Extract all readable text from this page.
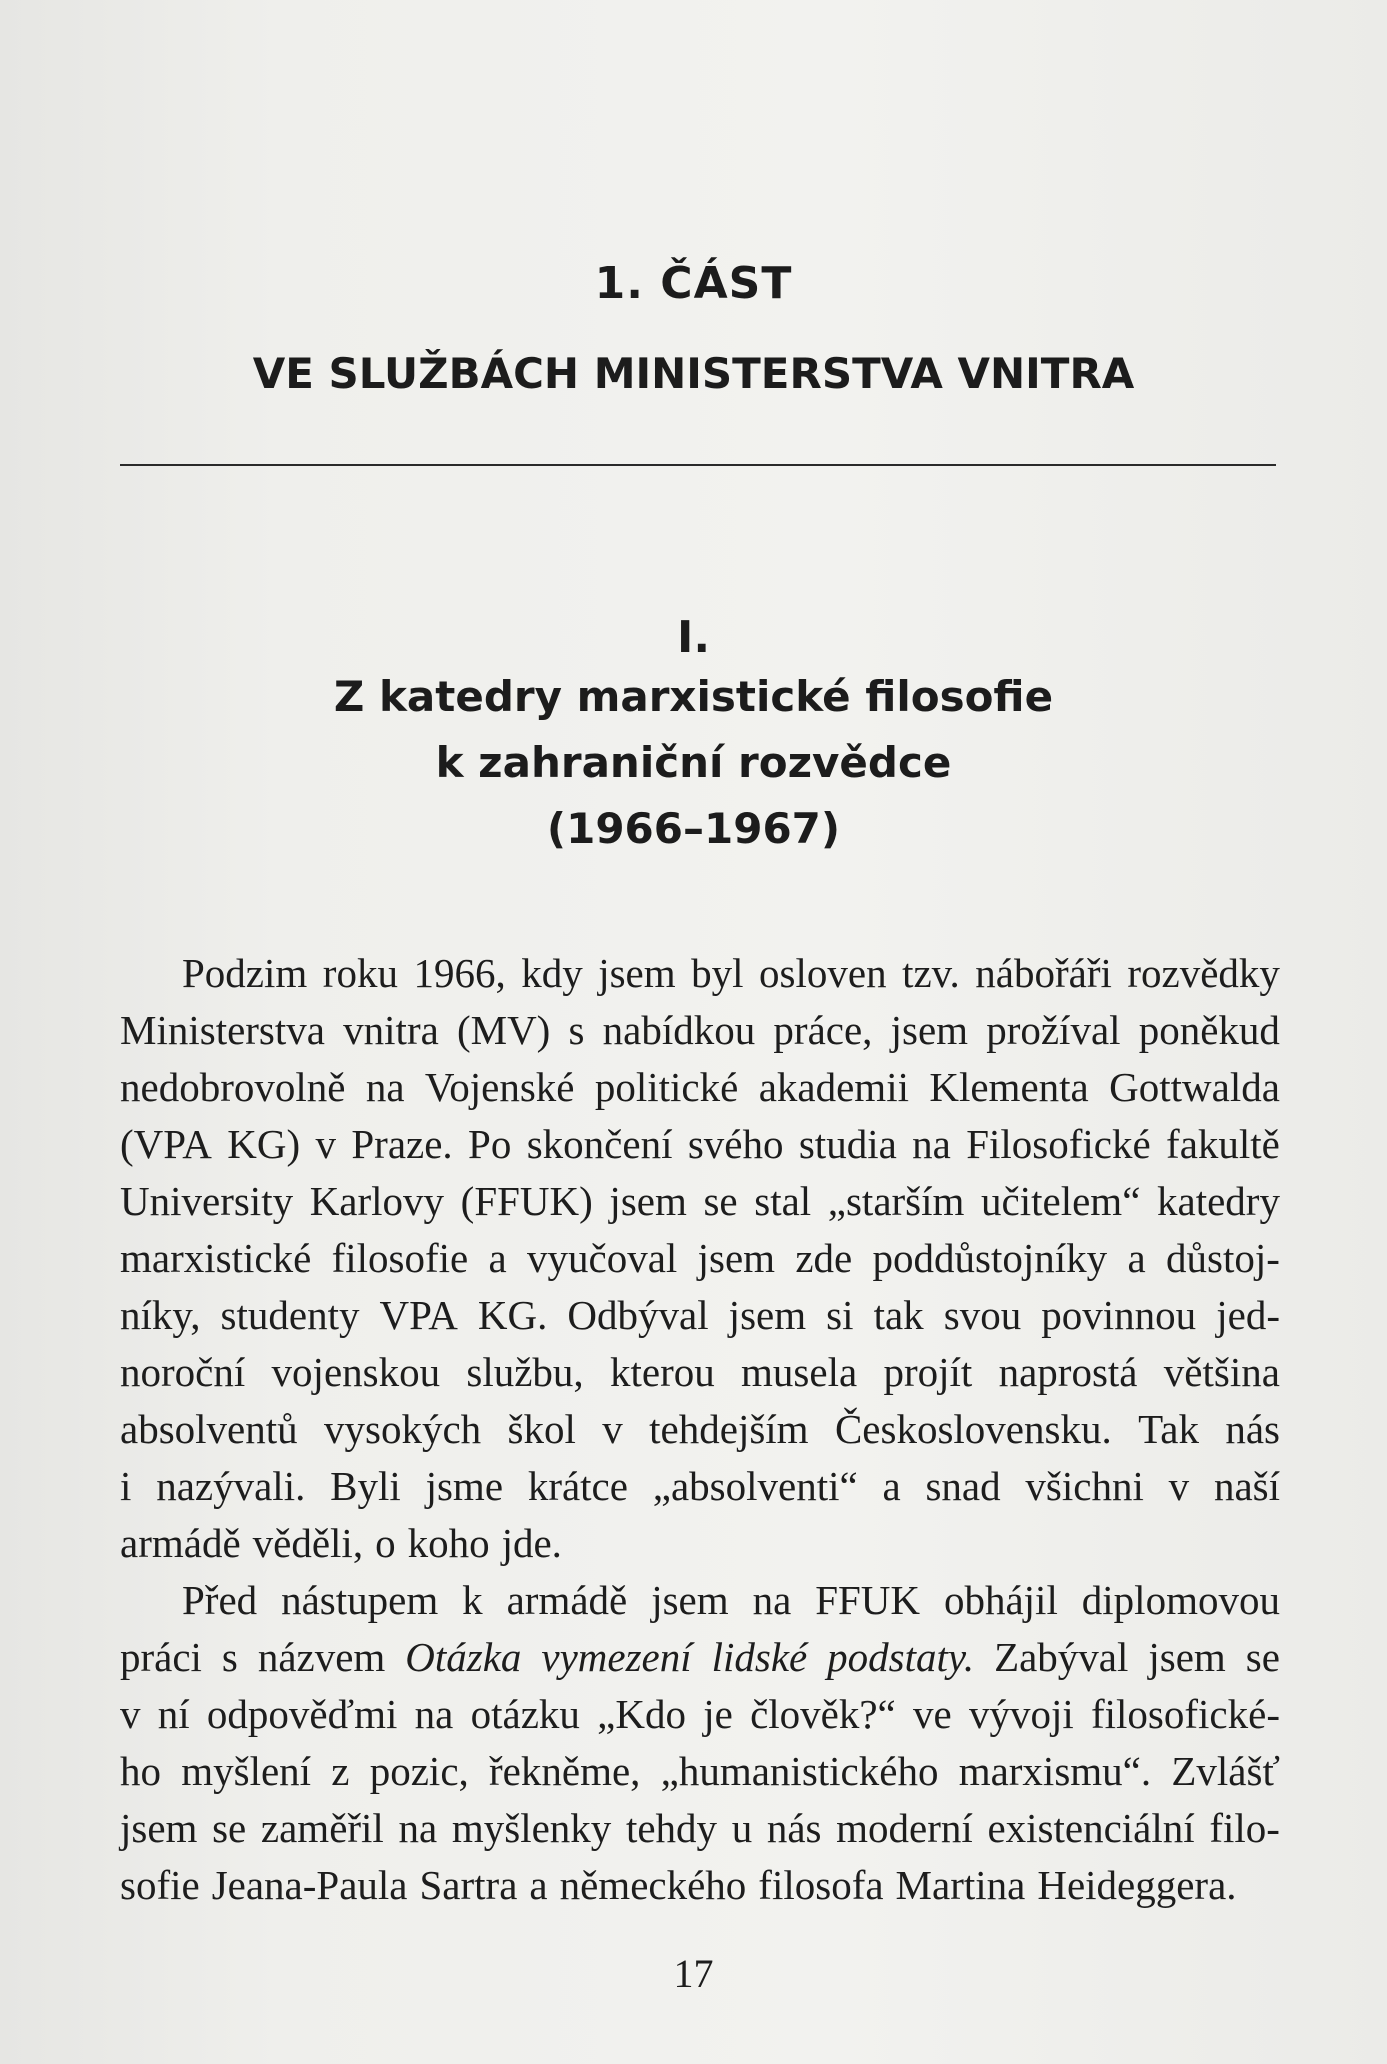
1. ČÁST
VE SLUŽBÁCH MINISTERSTVA VNITRA
I.
Z katedry marxistické filosofie
k zahraniční rozvědce
(1966–1967)
Podzim roku 1966, kdy jsem byl osloven tzv. nábořáři rozvědky
Ministerstva vnitra (MV) s nabídkou práce, jsem prožíval poněkud
nedobrovolně na Vojenské politické akademii Klementa Gottwalda
(VPA KG) v Praze. Po skončení svého studia na Filosofické fakultě
University Karlovy (FFUK) jsem se stal „starším učitelem“ katedry
marxistické filosofie a vyučoval jsem zde poddůstojníky a důstoj-
níky, studenty VPA KG. Odbýval jsem si tak svou povinnou jed-
noroční vojenskou službu, kterou musela projít naprostá většina
absolventů vysokých škol v tehdejším Československu. Tak nás
i nazývali. Byli jsme krátce „absolventi“ a snad všichni v naší
armádě věděli, o koho jde.
Před nástupem k armádě jsem na FFUK obhájil diplomovou
práci s názvem Otázka vymezení lidské podstaty. Zabýval jsem se
v ní odpověďmi na otázku „Kdo je člověk?“ ve vývoji filosofické-
ho myšlení z pozic, řekněme, „humanistického marxismu“. Zvlášť
jsem se zaměřil na myšlenky tehdy u nás moderní existenciální filo-
sofie Jeana-Paula Sartra a německého filosofa Martina Heideggera.
17
